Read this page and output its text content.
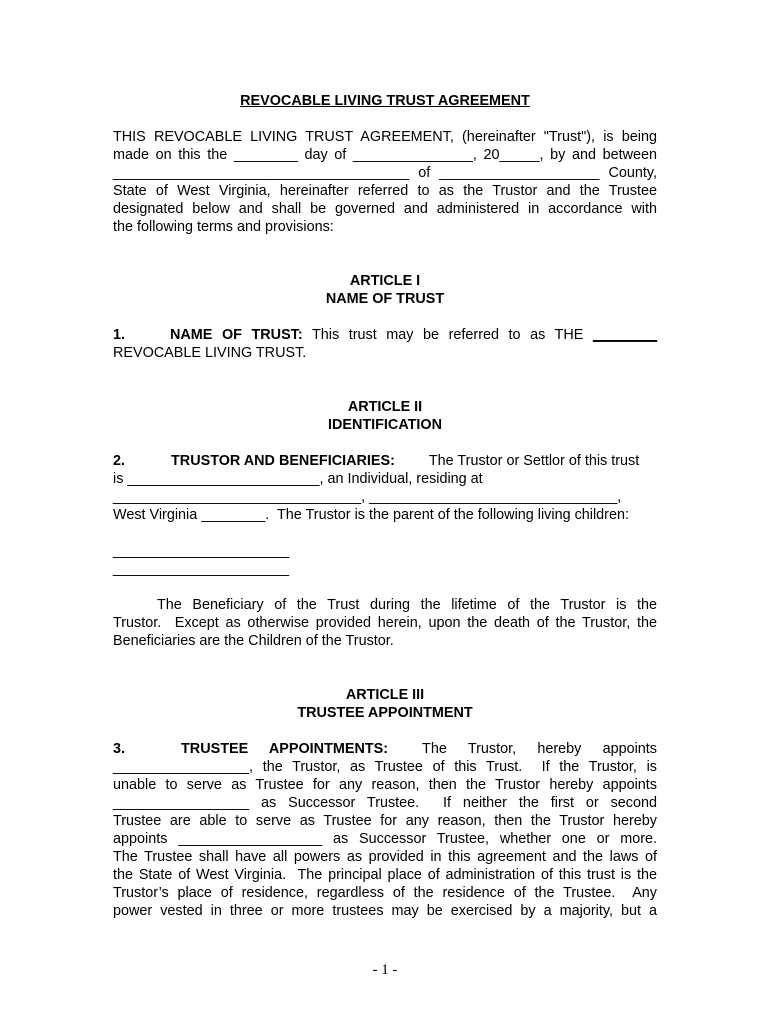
REVOCABLE LIVING TRUST AGREEMENT
THIS REVOCABLE LIVING TRUST AGREEMENT, (hereinafter "Trust"), is being
made on this the ________ day of _______________, 20_____, by and between
_____________________________________ of ____________________ County,
State of West Virginia, hereinafter referred to as the Trustor and the Trustee
designated below and shall be governed and administered in accordance with
the following terms and provisions:
ARTICLE I
NAME OF TRUST
1.	NAME OF TRUST: This trust may be referred to as THE ________
REVOCABLE LIVING TRUST.
ARTICLE II
IDENTIFICATION
2.	TRUSTOR AND BENEFICIARIES: The Trustor or Settlor of this trust
is ________________________, an Individual, residing at
_______________________________, _______________________________,
West Virginia ________.  The Trustor is the parent of the following living children:
______________________
______________________
The Beneficiary of the Trust during the lifetime of the Trustor is the
Trustor.  Except as otherwise provided herein, upon the death of the Trustor, the
Beneficiaries are the Children of the Trustor.
ARTICLE III
TRUSTEE APPOINTMENT
3.	TRUSTEE APPOINTMENTS: The Trustor, hereby appoints
_________________, the Trustor, as Trustee of this Trust.  If the Trustor, is
unable to serve as Trustee for any reason, then the Trustor hereby appoints
_________________ as Successor Trustee.  If neither the first or second
Trustee are able to serve as Trustee for any reason, then the Trustor hereby
appoints __________________ as Successor Trustee, whether one or more.
The Trustee shall have all powers as provided in this agreement and the laws of
the State of West Virginia.  The principal place of administration of this trust is the
Trustor’s place of residence, regardless of the residence of the Trustee.  Any
power vested in three or more trustees may be exercised by a majority, but a
- 1 -
